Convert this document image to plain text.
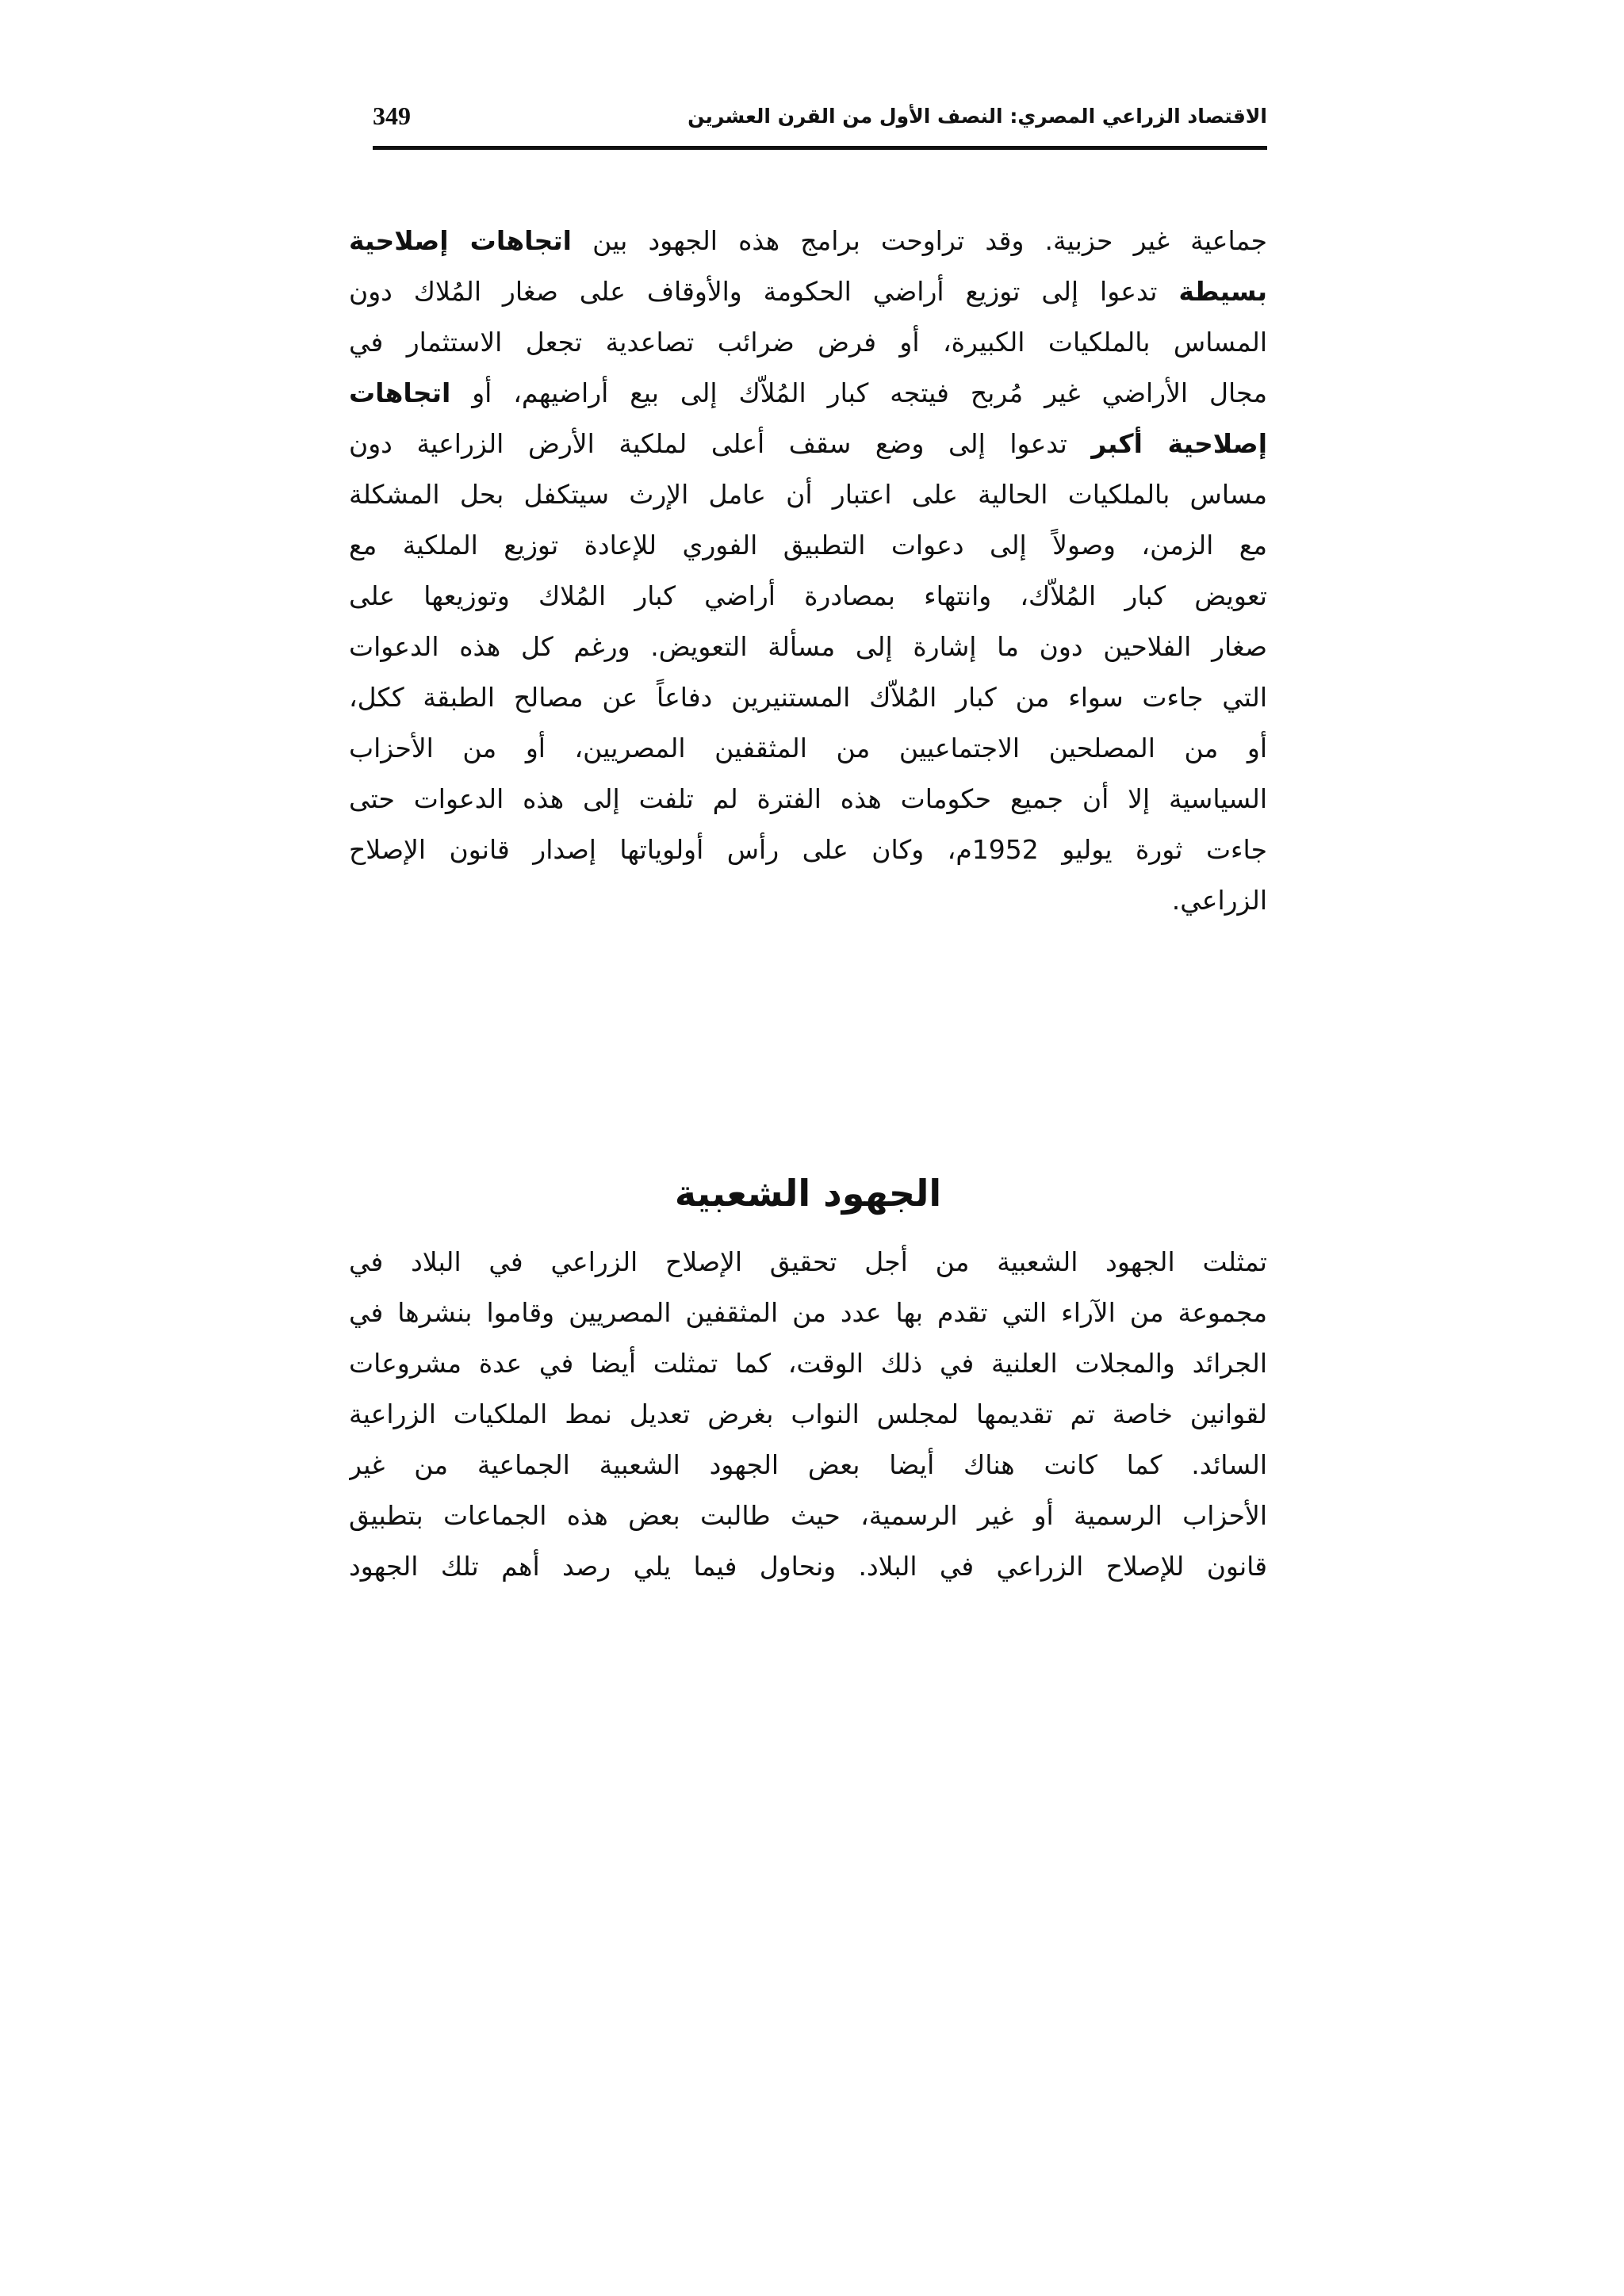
الاقتصاد الزراعي المصري: النصف الأول من القرن العشرين
349
جماعية غير حزبية. وقد تراوحت برامج هذه الجهود بين اتجاهات إصلاحية
بسيطة تدعوا إلى توزيع أراضي الحكومة والأوقاف على صغار المُلاك دون
المساس بالملكيات الكبيرة، أو فرض ضرائب تصاعدية تجعل الاستثمار في
مجال الأراضي غير مُربح فيتجه كبار المُلاّك إلى بيع أراضيهم، أو اتجاهات
إصلاحية أكبر تدعوا إلى وضع سقف أعلى لملكية الأرض الزراعية دون
مساس بالملكيات الحالية على اعتبار أن عامل الإرث سيتكفل بحل المشكلة
مع الزمن، وصولاً إلى دعوات التطبيق الفوري للإعادة توزيع الملكية مع
تعويض كبار المُلاّك، وانتهاء بمصادرة أراضي كبار المُلاك وتوزيعها على
صغار الفلاحين دون ما إشارة إلى مسألة التعويض. ورغم كل هذه الدعوات
التي جاءت سواء من كبار المُلاّك المستنيرين دفاعاً عن مصالح الطبقة ككل،
أو من المصلحين الاجتماعيين من المثقفين المصريين، أو من الأحزاب
السياسية إلا أن جميع حكومات هذه الفترة لم تلفت إلى هذه الدعوات حتى
جاءت ثورة يوليو 1952م، وكان على رأس أولوياتها إصدار قانون الإصلاح
الزراعي.
الجهود الشعبية
تمثلت الجهود الشعبية من أجل تحقيق الإصلاح الزراعي في البلاد في
مجموعة من الآراء التي تقدم بها عدد من المثقفين المصريين وقاموا بنشرها في
الجرائد والمجلات العلنية في ذلك الوقت، كما تمثلت أيضا في عدة مشروعات
لقوانين خاصة تم تقديمها لمجلس النواب بغرض تعديل نمط الملكيات الزراعية
السائد. كما كانت هناك أيضا بعض الجهود الشعبية الجماعية من غير
الأحزاب الرسمية أو غير الرسمية، حيث طالبت بعض هذه الجماعات بتطبيق
قانون للإصلاح الزراعي في البلاد. ونحاول فيما يلي رصد أهم تلك الجهود
